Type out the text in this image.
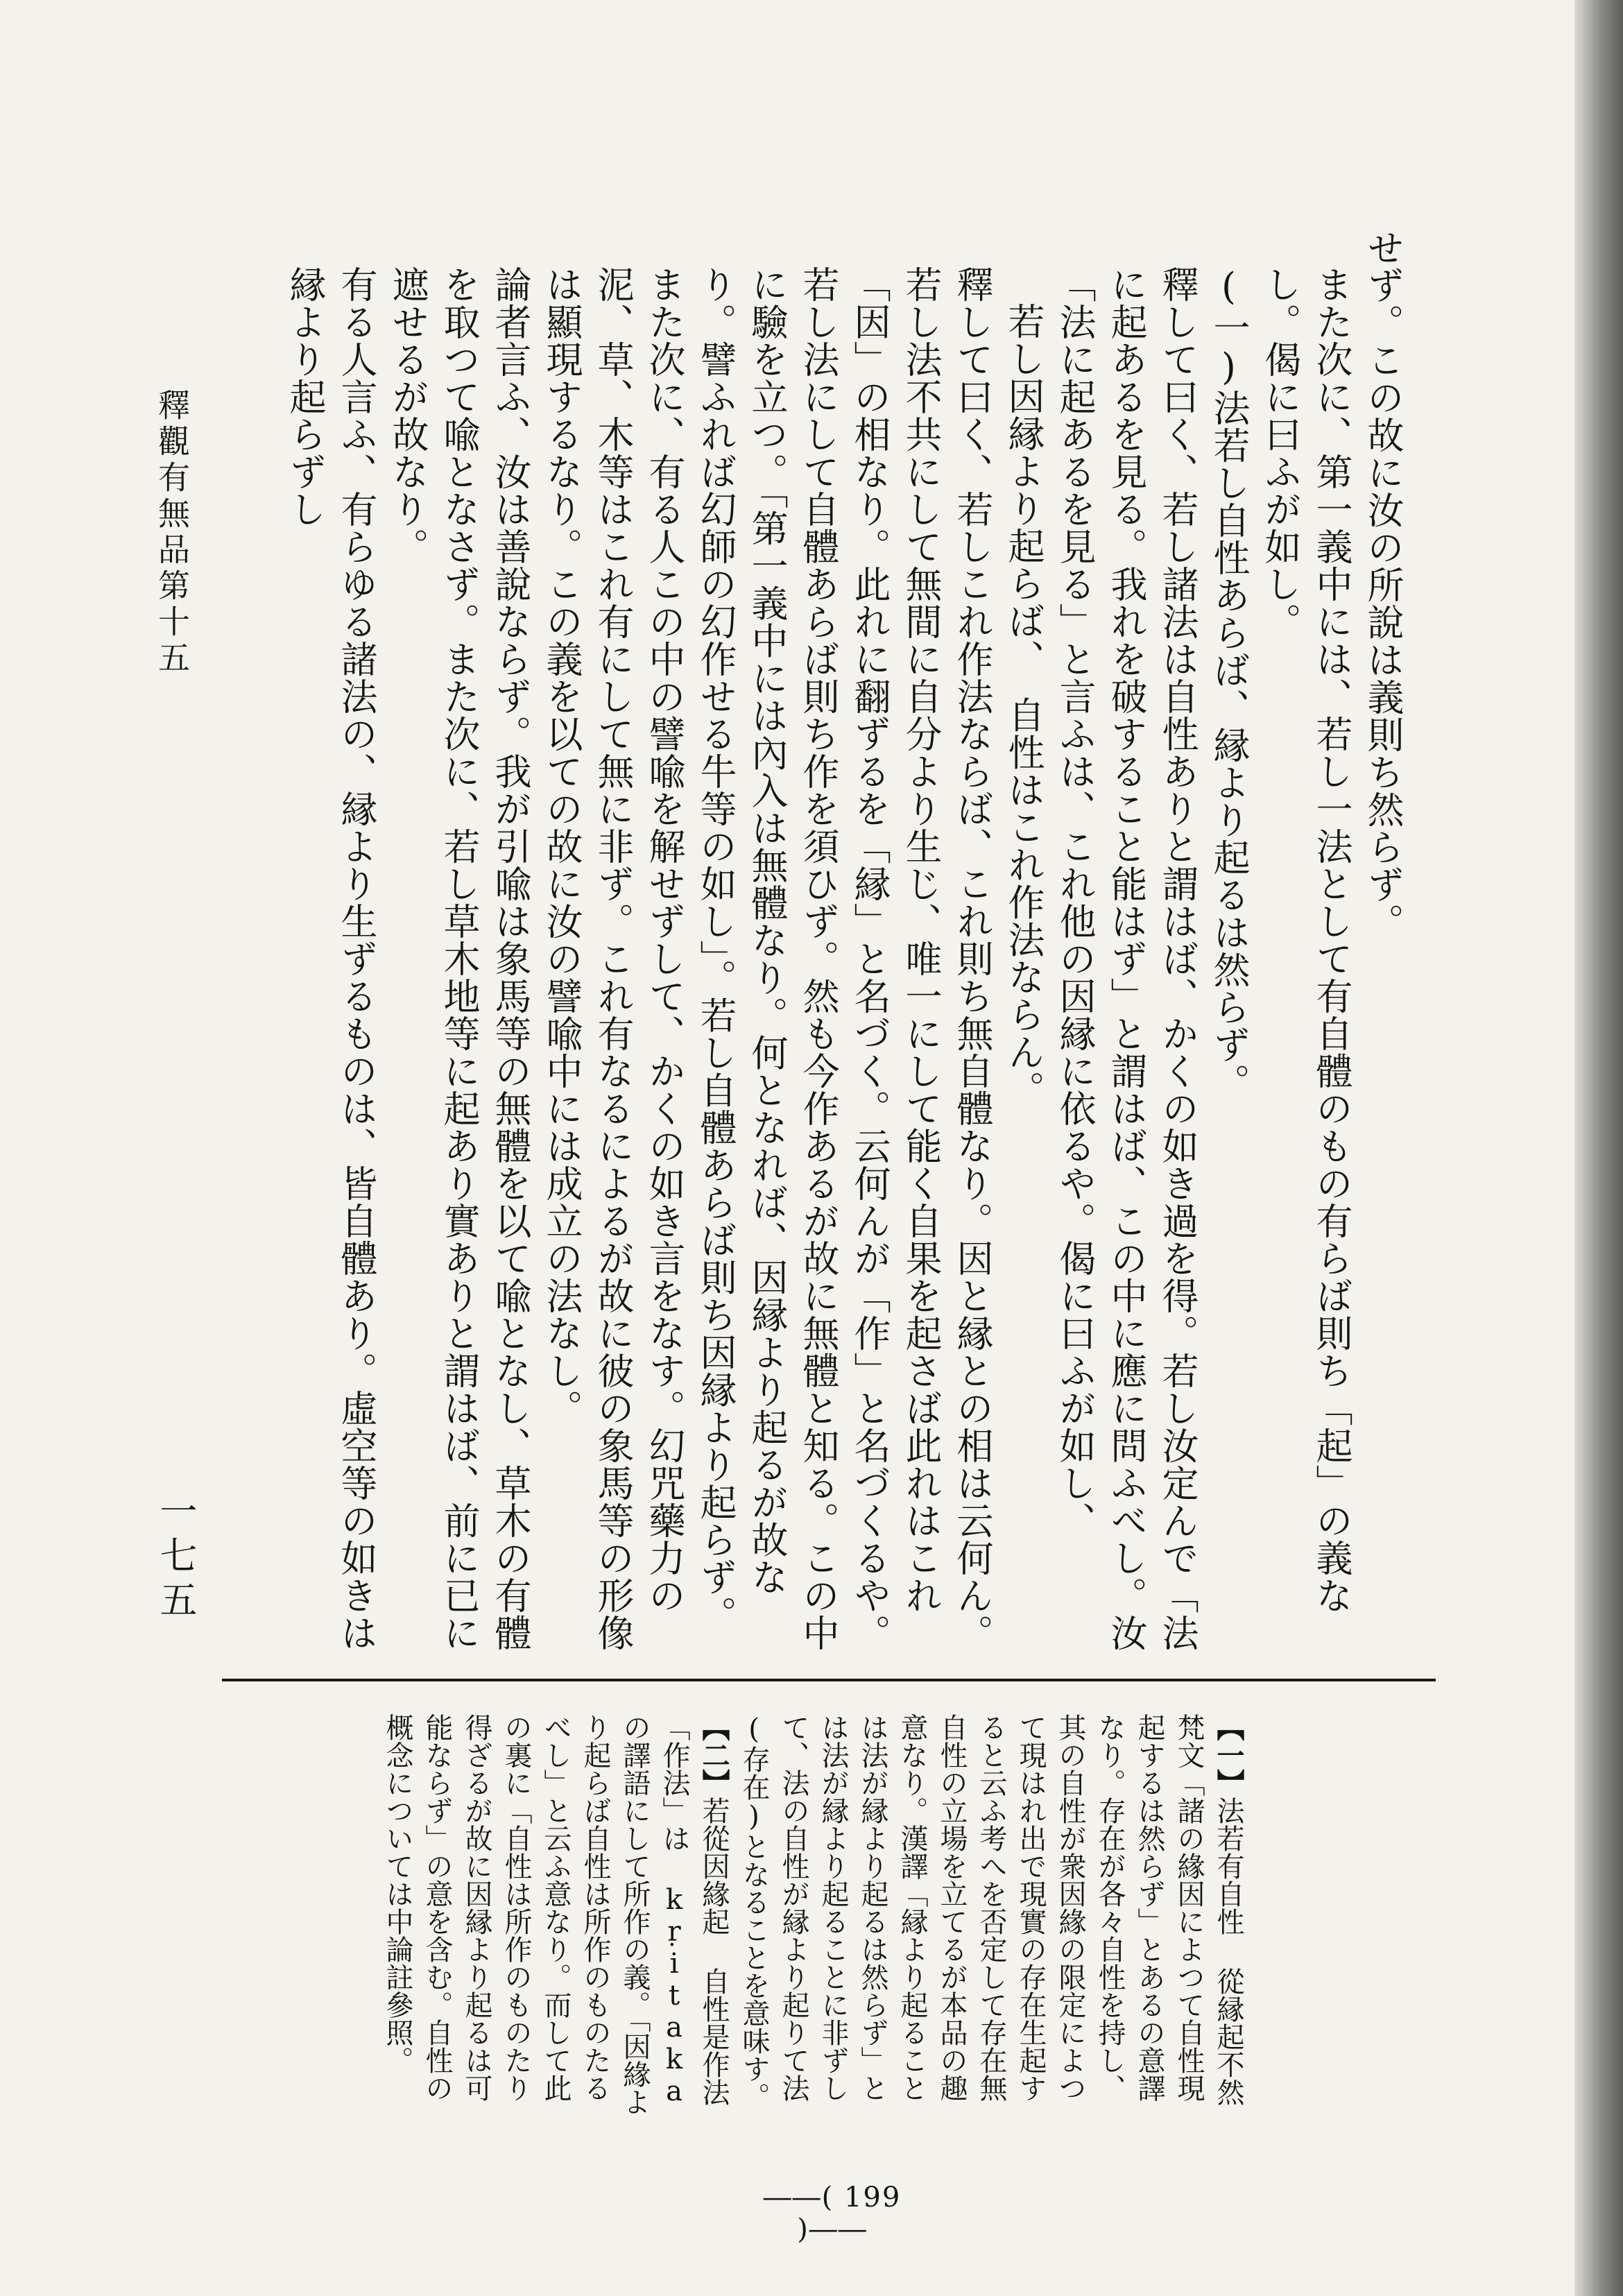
せず。この故に汝の所說は義則ち然らず。

また次に、第一義中には、若し一法として有自體のもの有らば則ち「起」の義なし。偈に曰ふが如し。

(一)法若し自性あらば、縁より起るは然らず。

釋して曰く、若し諸法は自性ありと謂はば、かくの如き過を得。若し汝定んで「法に起あるを見る。我れを破すること能はず」と謂はば、この中に應に問ふべし。汝「法に起あるを見る」と言ふは、これ他の因縁に依るや。偈に曰ふが如し、

若し因縁より起らば、　自性はこれ作法ならん。

釋して曰く、若しこれ作法ならば、これ則ち無自體なり。因と縁との相は云何ん。若し法不共にして無間に自分より生じ、唯一にして能く自果を起さば此れはこれ「因」の相なり。此れに翻ずるを「縁」と名づく。云何んが「作」と名づくるや。若し法にして自體あらば則ち作を須ひず。然も今作あるが故に無體と知る。この中に驗を立つ。「第一義中には內入は無體なり。何となれば、因縁より起るが故なり。譬ふれば幻師の幻作せる牛等の如し」。若し自體あらば則ち因縁より起らず。

また次に、有る人この中の譬喩を解せずして、かくの如き言をなす。幻咒藥力の泥、草、木等はこれ有にして無に非ず。これ有なるによるが故に彼の象馬等の形像は顯現するなり。この義を以ての故に汝の譬喩中には成立の法なし。

論者言ふ、汝は善說ならず。我が引喩は象馬等の無體を以て喩となし、草木の有體を取つて喩となさず。また次に、若し草木地等に起あり實ありと謂はば、前に已に遮せるが故なり。

有る人言ふ、有らゆる諸法の、縁より生ずるものは、皆自體あり。虛空等の如きは縁より起らずし

釋觀有無品第十五
一七五

【一】法若有自性 從縁起不然　梵文「諸の緣因によつて自性現起するは然らず」とあるの意譯なり。存在が各々自性を持し、其の自性が衆因緣の限定によつて現はれ出で現實の存在生起すると云ふ考へを否定して存在無自性の立場を立てるが本品の趣意なり。漢譯「縁より起ることは法が縁より起るは然らず」とは法が縁より起ることに非ずして、法の自性が縁より起りて法(存在)となることを意味す。

【二】若從因緣起 自性是作法　「作法」は kṛitaka の譯語にして所作の義。「因緣より起らば自性は所作のものたるべし」と云ふ意なり。而して此の裏に「自性は所作のものたり得ざるが故に因縁より起るは可能ならず」の意を含む。自性の概念については中論註參照。

――( 199 )――
